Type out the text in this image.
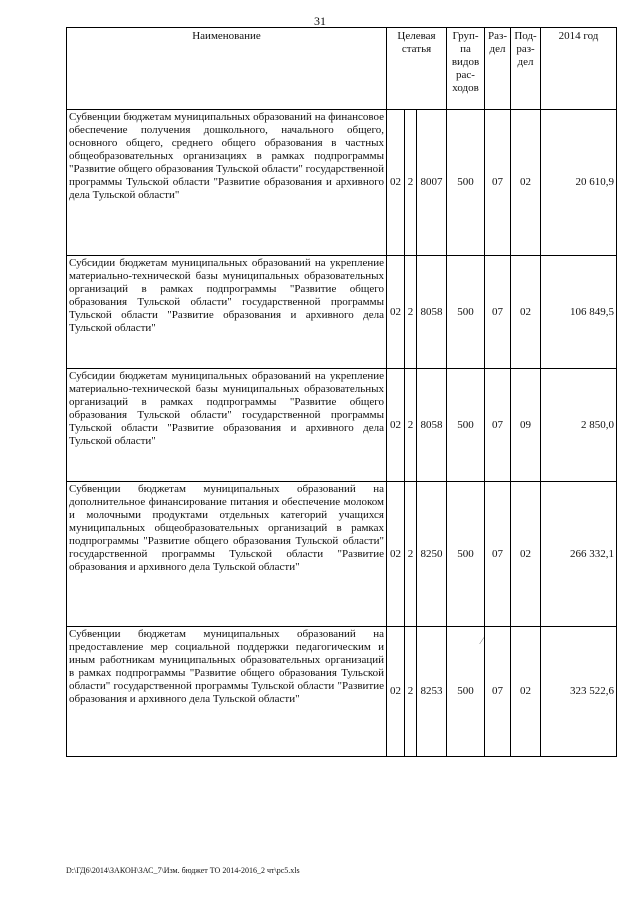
31
Наименование	Целевая статья			Груп-па видов рас-ходов	Раз-дел	Под-раз-дел	2014 год
Субвенции бюджетам муниципальных образований на финансовое обеспечение получения дошкольного, начального общего, основного общего, среднего общего образования в частных общеобразовательных организациях в рамках подпрограммы "Развитие общего образования Тульской области" государственной программы Тульской области "Развитие образования и архивного дела Тульской области"	02	2	8007	500	07	02	20 610,9
Субсидии бюджетам муниципальных образований на укрепление материально-технической базы муниципальных образовательных организаций в рамках подпрограммы "Развитие общего образования Тульской области" государственной программы Тульской области "Развитие образования и архивного дела Тульской области"	02	2	8058	500	07	02	106 849,5
Субсидии бюджетам муниципальных образований на укрепление материально-технической базы муниципальных образовательных организаций в рамках подпрограммы "Развитие общего образования Тульской области" государственной программы Тульской области "Развитие образования и архивного дела Тульской области"	02	2	8058	500	07	09	2 850,0
Субвенции бюджетам муниципальных образований на дополнительное финансирование питания и обеспечение молоком и молочными продуктами отдельных категорий учащихся муниципальных общеобразовательных организаций в рамках подпрограммы "Развитие общего образования Тульской области" государственной программы Тульской области "Развитие образования и архивного дела Тульской области"	02	2	8250	500	07	02	266 332,1
Субвенции бюджетам муниципальных образований на предоставление мер социальной поддержки педагогическим и иным работникам муниципальных образовательных организаций в рамках подпрограммы "Развитие общего образования Тульской области" государственной программы Тульской области "Развитие образования и архивного дела Тульской области"	02	2	8253	500	07	02	323 522,6
⁄
D:\ГД6\2014\ЗАКОН\ЗАС_7\Изм. бюджет ТО 2014-2016_2 чт\рс5.xls
